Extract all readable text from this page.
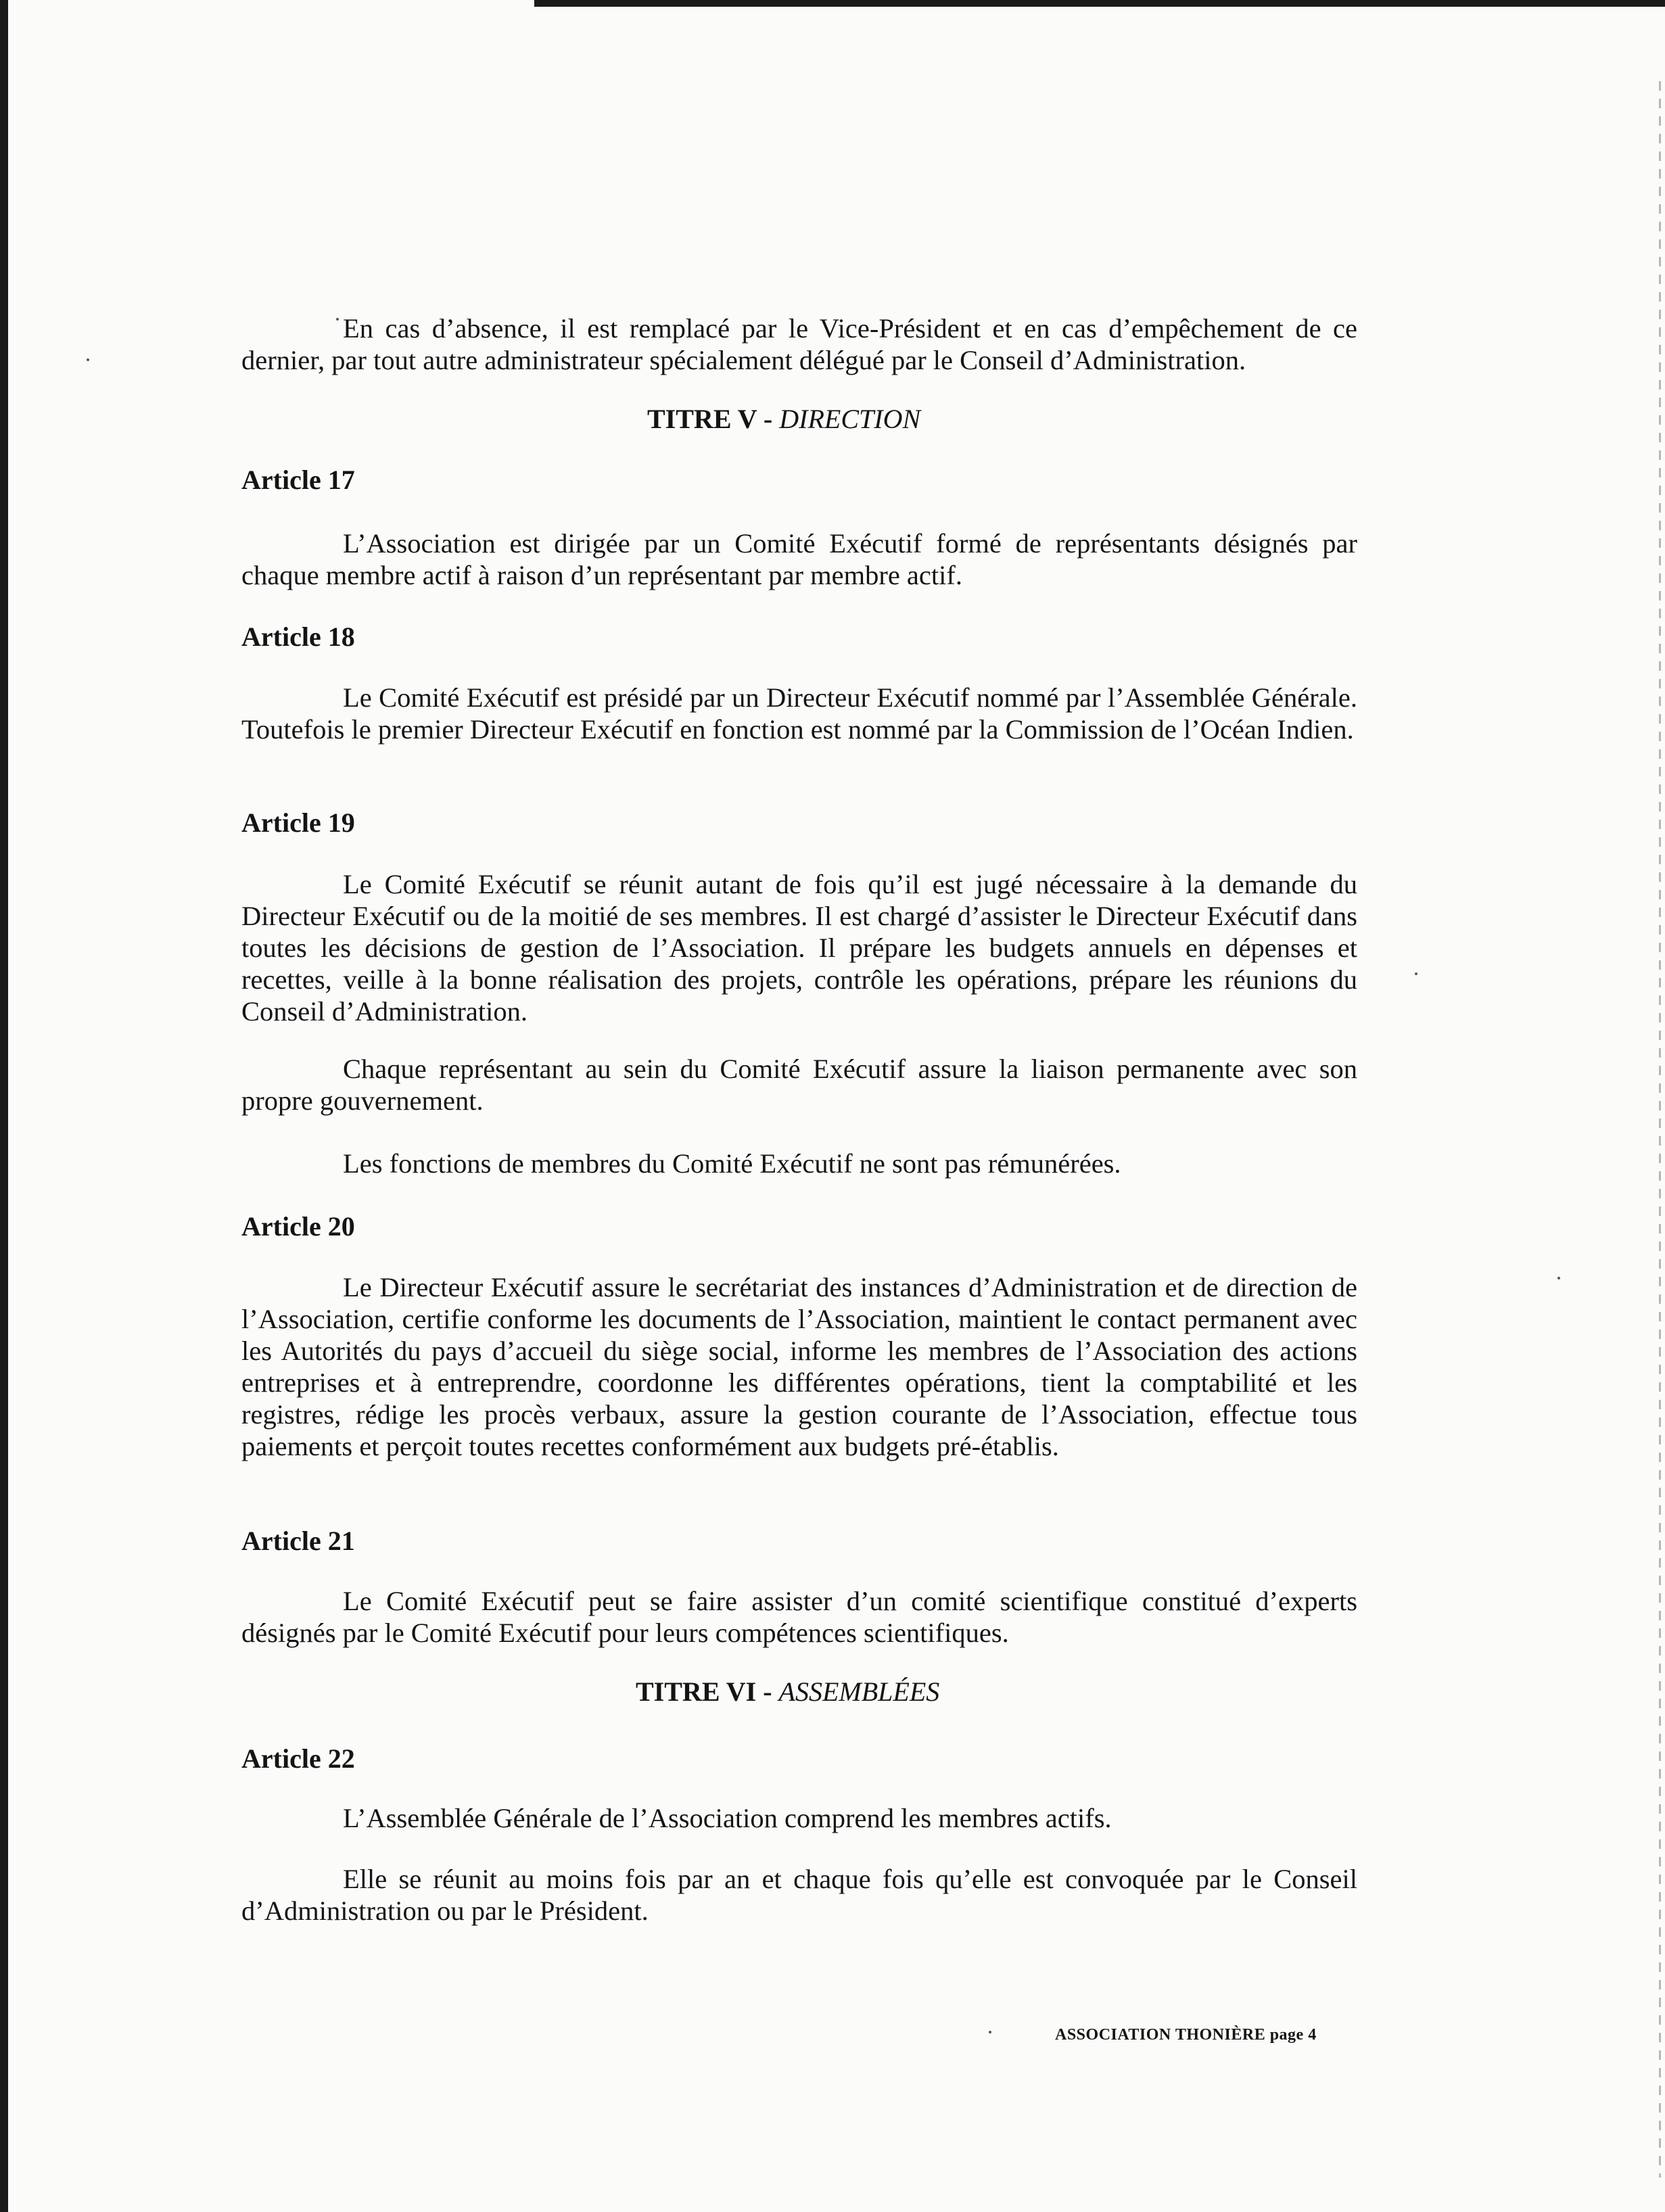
En cas d’absence, il est remplacé par le Vice-Président et en cas d’empêchement de ce dernier, par tout autre administrateur spécialement délégué par le Conseil d’Administration.

TITRE V - DIRECTION

Article 17

L’Association est dirigée par un Comité Exécutif formé de représentants désignés par chaque membre actif à raison d’un représentant par membre actif.

Article 18

Le Comité Exécutif est présidé par un Directeur Exécutif nommé par l’Assemblée Générale. Toutefois le premier Directeur Exécutif en fonction est nommé par la Commission de l’Océan Indien.

Article 19

Le Comité Exécutif se réunit autant de fois qu’il est jugé nécessaire à la demande du Directeur Exécutif ou de la moitié de ses membres. Il est chargé d’assister le Directeur Exécutif dans toutes les décisions de gestion de l’Association. Il prépare les budgets annuels en dépenses et recettes, veille à la bonne réalisation des projets, contrôle les opérations, prépare les réunions du Conseil d’Administration.

Chaque représentant au sein du Comité Exécutif assure la liaison permanente avec son propre gouvernement.

Les fonctions de membres du Comité Exécutif ne sont pas rémunérées.

Article 20

Le Directeur Exécutif assure le secrétariat des instances d’Administration et de direction de l’Association, certifie conforme les documents de l’Association, maintient le contact permanent avec les Autorités du pays d’accueil du siège social, informe les membres de l’Association des actions entreprises et à entreprendre, coordonne les différentes opérations, tient la comptabilité et les registres, rédige les procès verbaux, assure la gestion courante de l’Association, effectue tous paiements et perçoit toutes recettes conformément aux budgets pré-établis.

Article 21

Le Comité Exécutif peut se faire assister d’un comité scientifique constitué d’experts désignés par le Comité Exécutif pour leurs compétences scientifiques.

TITRE VI - ASSEMBLÉES

Article 22

L’Assemblée Générale de l’Association comprend les membres actifs.

Elle se réunit au moins fois par an et chaque fois qu’elle est convoquée par le Conseil d’Administration ou par le Président.

ASSOCIATION THONIÈRE page 4
